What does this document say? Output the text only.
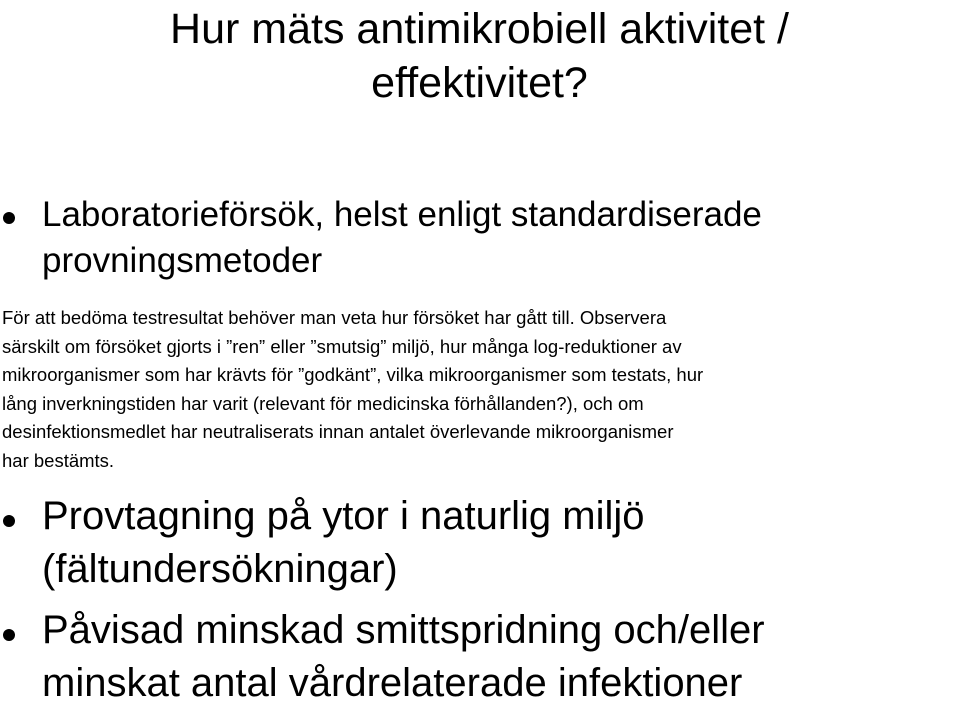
Hur mäts antimikrobiell aktivitet /
effektivitet?
Laboratorieförsök, helst enligt standardiserade
provningsmetoder
För att bedöma testresultat behöver man veta hur försöket har gått till. Observera
särskilt om försöket gjorts i ”ren” eller ”smutsig” miljö, hur många log-reduktioner av
mikroorganismer som har krävts för ”godkänt”, vilka mikroorganismer som testats, hur
lång inverkningstiden har varit (relevant för medicinska förhållanden?), och om
desinfektionsmedlet har neutraliserats innan antalet överlevande mikroorganismer
har bestämts.
Provtagning på ytor i naturlig miljö
(fältundersökningar)
Påvisad minskad smittspridning och/eller
minskat antal vårdrelaterade infektioner
